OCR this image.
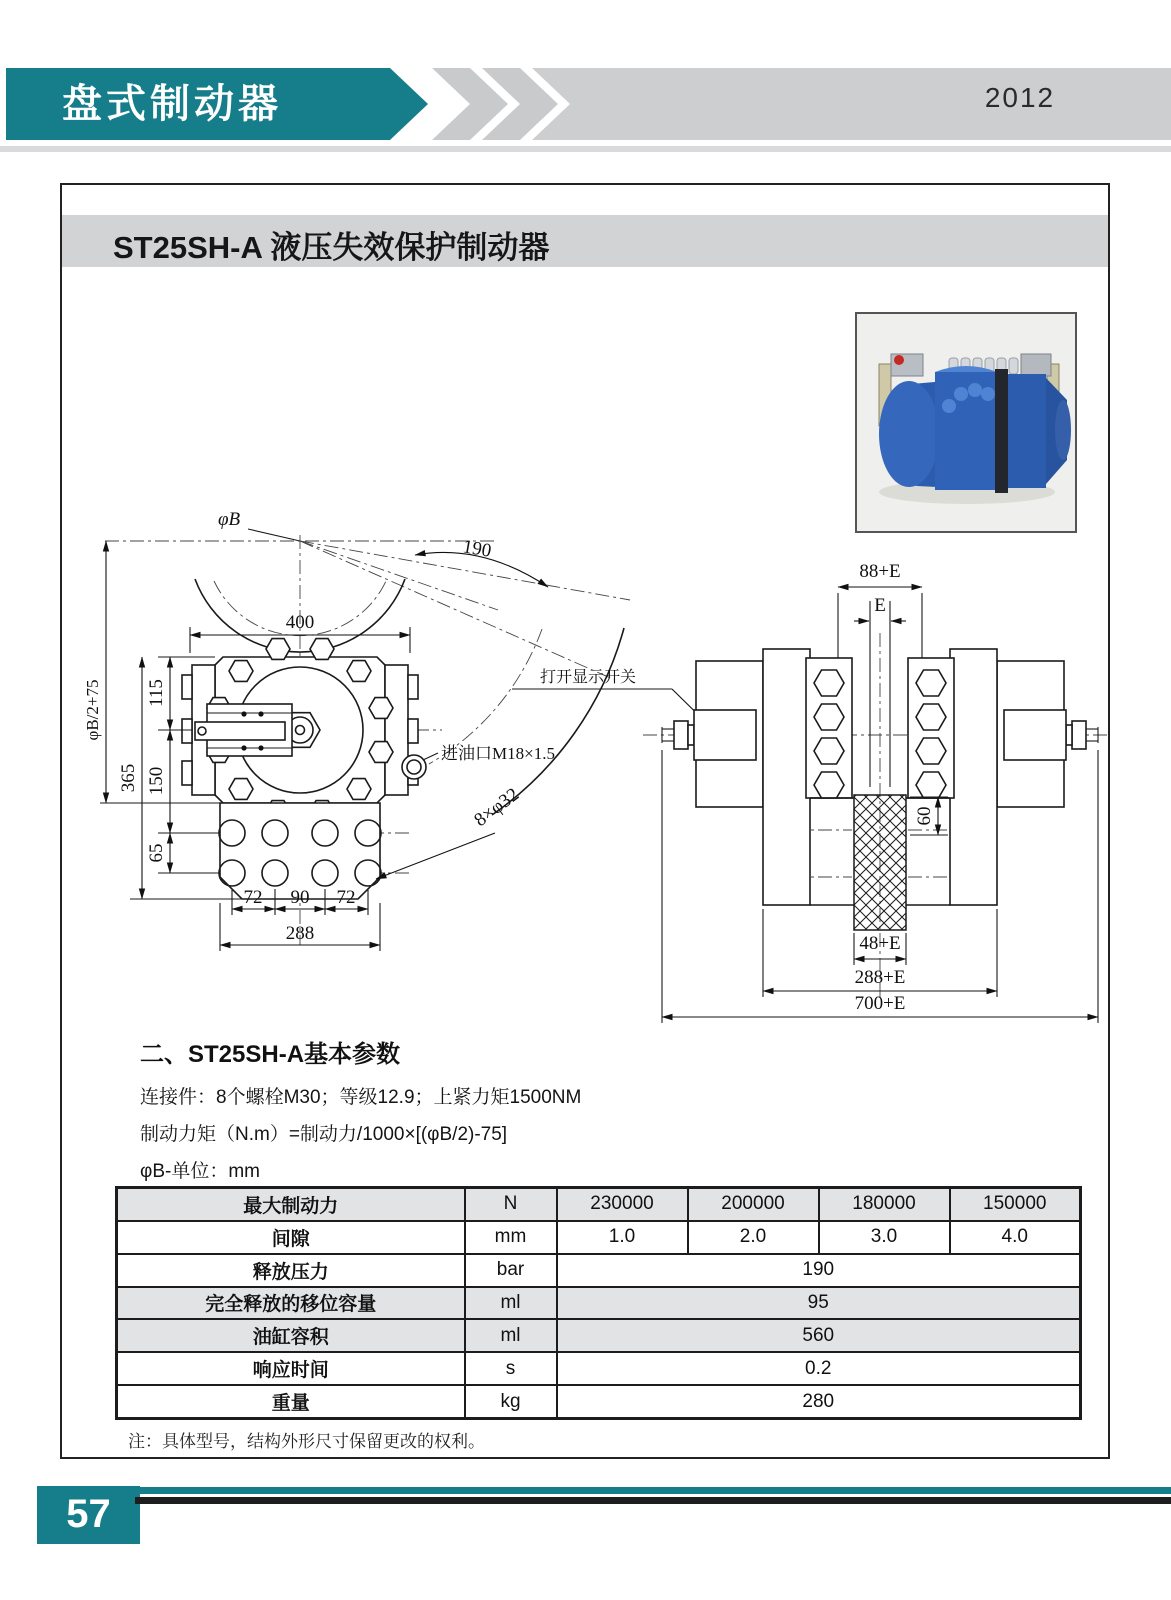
盘式制动器	2012
ST25SH-A 液压失效保护制动器
φB
190
400
进油口M18×1.5
8×φ32
115
150
65
365
φB/2+75
72 90 72
288
打开显示开关
88+E
E
60
48+E
288+E
700+E
二、ST25SH-A基本参数
连接件：8个螺栓M30；等级12.9；上紧力矩1500NM
制动力矩（N.m）=制动力/1000×[(φB/2)-75]
φB-单位：mm
最大制动力	N	230000	200000	180000	150000
间隙	mm	1.0	2.0	3.0	4.0
释放压力	bar	190			
完全释放的移位容量	ml	95			
油缸容积	ml	560			
响应时间	s	0.2			
重量	kg	280			
注：具体型号，结构外形尺寸保留更改的权利。
57
